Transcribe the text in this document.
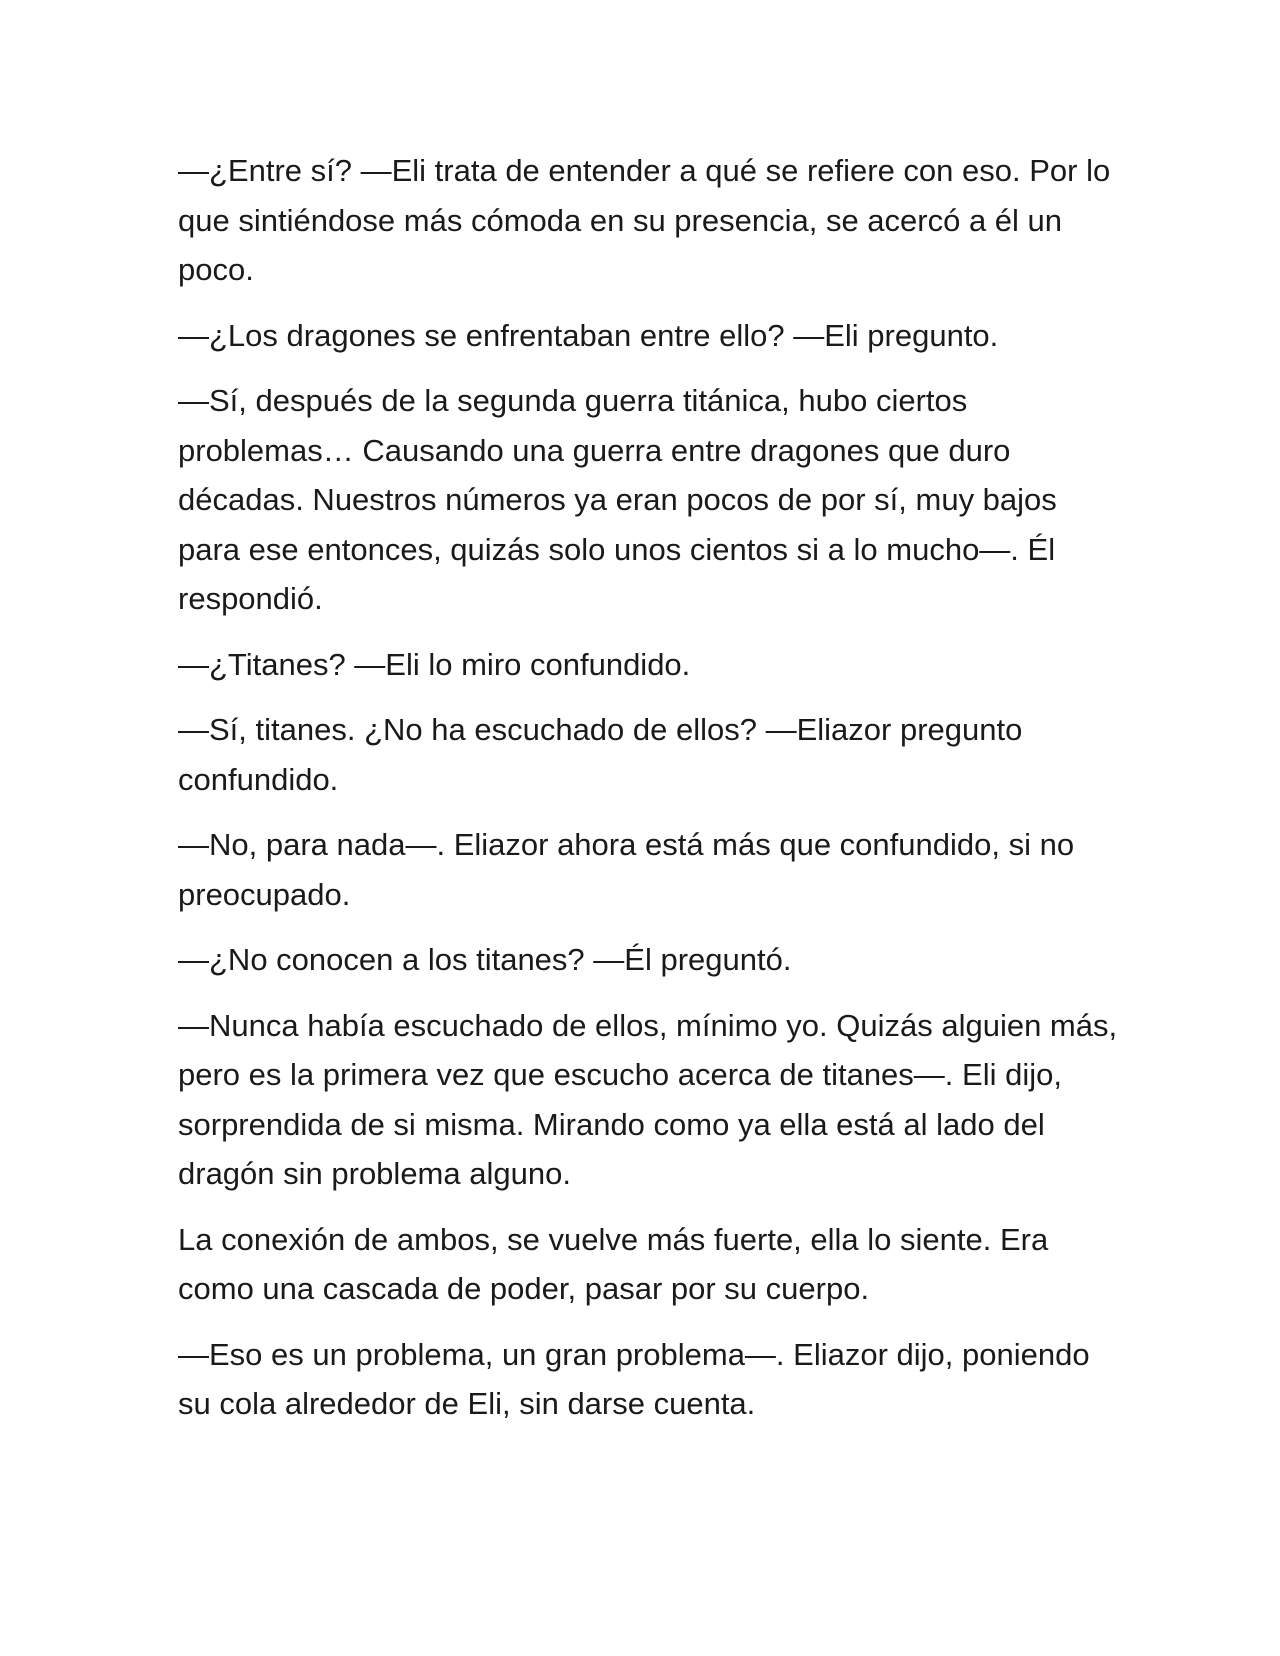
—¿Entre sí? —Eli trata de entender a qué se refiere con eso. Por lo que sintiéndose más cómoda en su presencia, se acercó a él un poco.

—¿Los dragones se enfrentaban entre ello? —Eli pregunto.

—Sí, después de la segunda guerra titánica, hubo ciertos problemas… Causando una guerra entre dragones que duro décadas. Nuestros números ya eran pocos de por sí, muy bajos para ese entonces, quizás solo unos cientos si a lo mucho—. Él respondió.

—¿Titanes? —Eli lo miro confundido.

—Sí, titanes. ¿No ha escuchado de ellos? —Eliazor pregunto confundido.

—No, para nada—. Eliazor ahora está más que confundido, si no preocupado.

—¿No conocen a los titanes? —Él preguntó.

—Nunca había escuchado de ellos, mínimo yo. Quizás alguien más, pero es la primera vez que escucho acerca de titanes—. Eli dijo, sorprendida de si misma. Mirando como ya ella está al lado del dragón sin problema alguno.

La conexión de ambos, se vuelve más fuerte, ella lo siente. Era como una cascada de poder, pasar por su cuerpo.

—Eso es un problema, un gran problema—. Eliazor dijo, poniendo su cola alrededor de Eli, sin darse cuenta.
